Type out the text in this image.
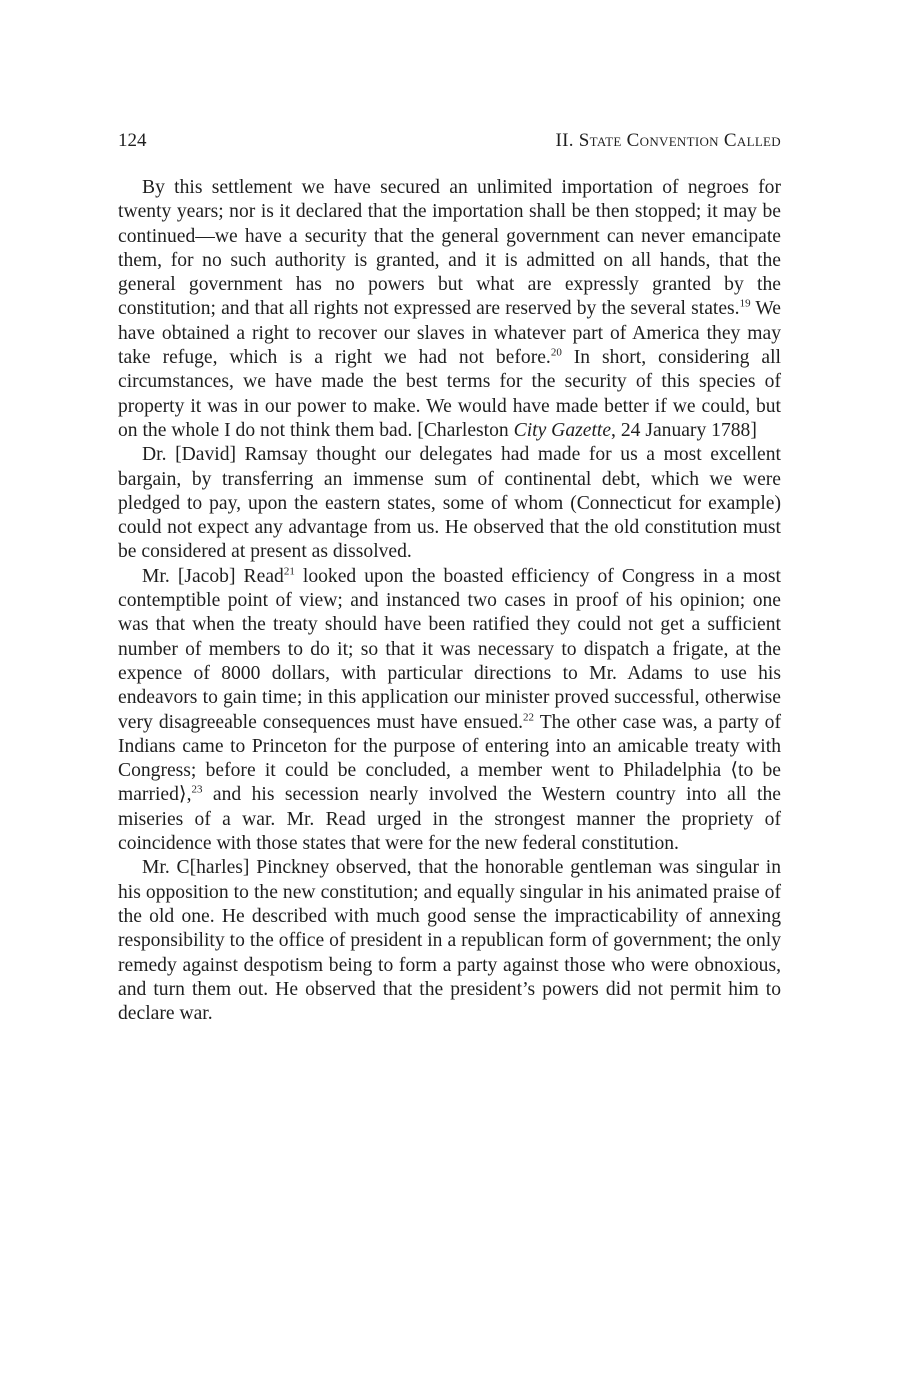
124	II. State Convention Called

By this settlement we have secured an unlimited importation of negroes for twenty years; nor is it declared that the importation shall be then stopped; it may be continued—we have a security that the general government can never emancipate them, for no such authority is granted, and it is admitted on all hands, that the general government has no powers but what are expressly granted by the constitution; and that all rights not expressed are reserved by the several states.$^{19}$ We have obtained a right to recover our slaves in whatever part of America they may take refuge, which is a right we had not before.$^{20}$ In short, considering all circumstances, we have made the best terms for the security of this species of property it was in our power to make. We would have made better if we could, but on the whole I do not think them bad. [Charleston City Gazette, 24 January 1788]

Dr. [David] Ramsay thought our delegates had made for us a most excellent bargain, by transferring an immense sum of continental debt, which we were pledged to pay, upon the eastern states, some of whom (Connecticut for example) could not expect any advantage from us. He observed that the old constitution must be considered at present as dissolved.

Mr. [Jacob] Read$^{21}$ looked upon the boasted efficiency of Congress in a most contemptible point of view; and instanced two cases in proof of his opinion; one was that when the treaty should have been ratified they could not get a sufficient number of members to do it; so that it was necessary to dispatch a frigate, at the expence of 8000 dollars, with particular directions to Mr. Adams to use his endeavors to gain time; in this application our minister proved successful, otherwise very disagreeable consequences must have ensued.$^{22}$ The other case was, a party of Indians came to Princeton for the purpose of entering into an amicable treaty with Congress; before it could be concluded, a member went to Philadelphia ⟨to be married⟩,$^{23}$ and his secession nearly involved the Western country into all the miseries of a war. Mr. Read urged in the strongest manner the propriety of coincidence with those states that were for the new federal constitution.

Mr. C[harles] Pinckney observed, that the honorable gentleman was singular in his opposition to the new constitution; and equally singular in his animated praise of the old one. He described with much good sense the impracticability of annexing responsibility to the office of president in a republican form of government; the only remedy against despotism being to form a party against those who were obnoxious, and turn them out. He observed that the president’s powers did not permit him to declare war.
